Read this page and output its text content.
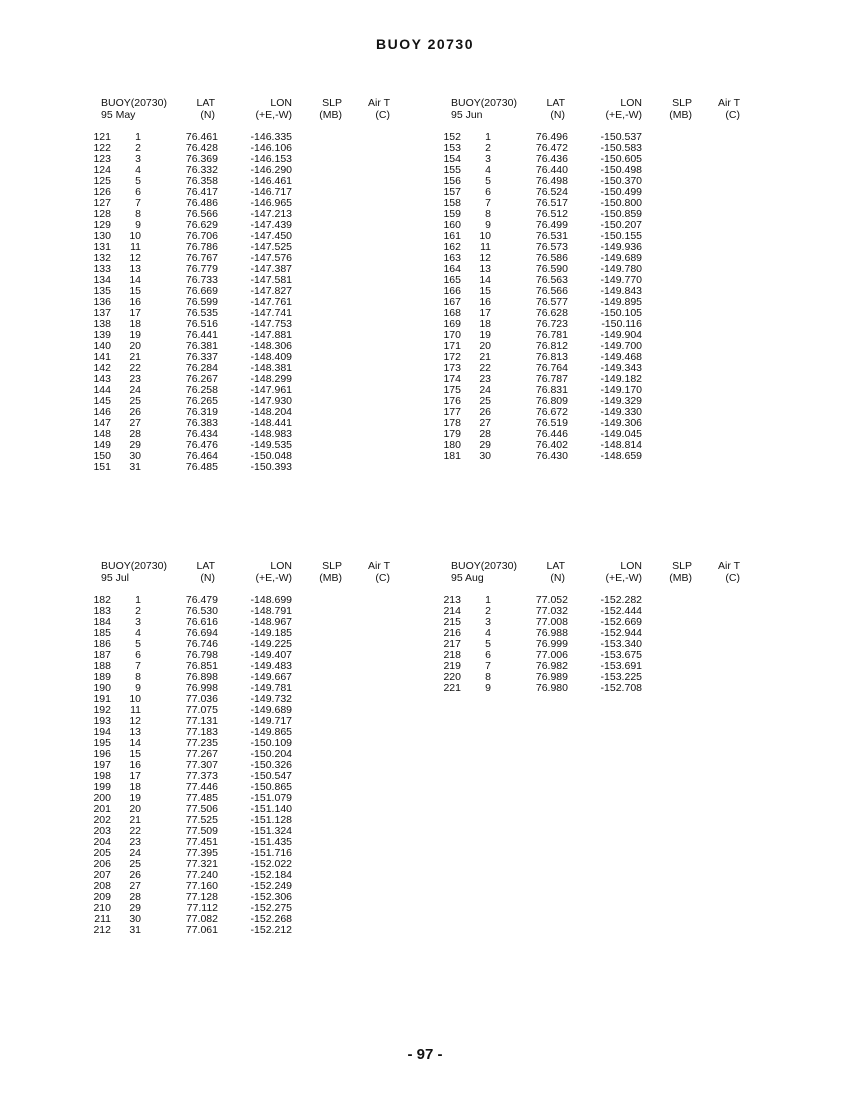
BUOY 20730
BUOY(20730)	LAT	LON	SLP Air T
95 May	(N)	(+E,-W)	(MB)	(C)
121 1	76.461	-146.335
122 2	76.428	-146.106
123 3	76.369	-146.153
124 4	76.332	-146.290
125 5	76.358	-146.461
126 6	76.417	-146.717
127 7	76.486	-146.965
128 8	76.566	-147.213
129 9	76.629	-147.439
130 10	76.706	-147.450
131 11	76.786	-147.525
132 12	76.767	-147.576
133 13	76.779	-147.387
134 14	76.733	-147.581
135 15	76.669	-147.827
136 16	76.599	-147.761
137 17	76.535	-147.741
138 18	76.516	-147.753
139 19	76.441	-147.881
140 20	76.381	-148.306
141 21	76.337	-148.409
142 22	76.284	-148.381
143 23	76.267	-148.299
144 24	76.258	-147.961
145 25	76.265	-147.930
146 26	76.319	-148.204
147 27	76.383	-148.441
148 28	76.434	-148.983
149 29	76.476	-149.535
150 30	76.464	-150.048
151 31	76.485	-150.393
BUOY(20730)	LAT	LON	SLP Air T
95 Jun	(N)	(+E,-W)	(MB)	(C)
152 1	76.496	-150.537
153 2	76.472	-150.583
154 3	76.436	-150.605
155 4	76.440	-150.498
156 5	76.498	-150.370
157 6	76.524	-150.499
158 7	76.517	-150.800
159 8	76.512	-150.859
160 9	76.499	-150.207
161 10	76.531	-150.155
162 11	76.573	-149.936
163 12	76.586	-149.689
164 13	76.590	-149.780
165 14	76.563	-149.770
166 15	76.566	-149.843
167 16	76.577	-149.895
168 17	76.628	-150.105
169 18	76.723	-150.116
170 19	76.781	-149.904
171 20	76.812	-149.700
172 21	76.813	-149.468
173 22	76.764	-149.343
174 23	76.787	-149.182
175 24	76.831	-149.170
176 25	76.809	-149.329
177 26	76.672	-149.330
178 27	76.519	-149.306
179 28	76.446	-149.045
180 29	76.402	-148.814
181 30	76.430	-148.659
BUOY(20730)	LAT	LON	SLP Air T
95 Jul	(N)	(+E,-W)	(MB)	(C)
182 1	76.479	-148.699
183 2	76.530	-148.791
184 3	76.616	-148.967
185 4	76.694	-149.185
186 5	76.746	-149.225
187 6	76.798	-149.407
188 7	76.851	-149.483
189 8	76.898	-149.667
190 9	76.998	-149.781
191 10	77.036	-149.732
192 11	77.075	-149.689
193 12	77.131	-149.717
194 13	77.183	-149.865
195 14	77.235	-150.109
196 15	77.267	-150.204
197 16	77.307	-150.326
198 17	77.373	-150.547
199 18	77.446	-150.865
200 19	77.485	-151.079
201 20	77.506	-151.140
202 21	77.525	-151.128
203 22	77.509	-151.324
204 23	77.451	-151.435
205 24	77.395	-151.716
206 25	77.321	-152.022
207 26	77.240	-152.184
208 27	77.160	-152.249
209 28	77.128	-152.306
210 29	77.112	-152.275
211 30	77.082	-152.268
212 31	77.061	-152.212
BUOY(20730)	LAT	LON	SLP Air T
95 Aug	(N)	(+E,-W)	(MB)	(C)
213 1	77.052	-152.282
214 2	77.032	-152.444
215 3	77.008	-152.669
216 4	76.988	-152.944
217 5	76.999	-153.340
218 6	77.006	-153.675
219 7	76.982	-153.691
220 8	76.989	-153.225
221 9	76.980	-152.708
- 97 -
